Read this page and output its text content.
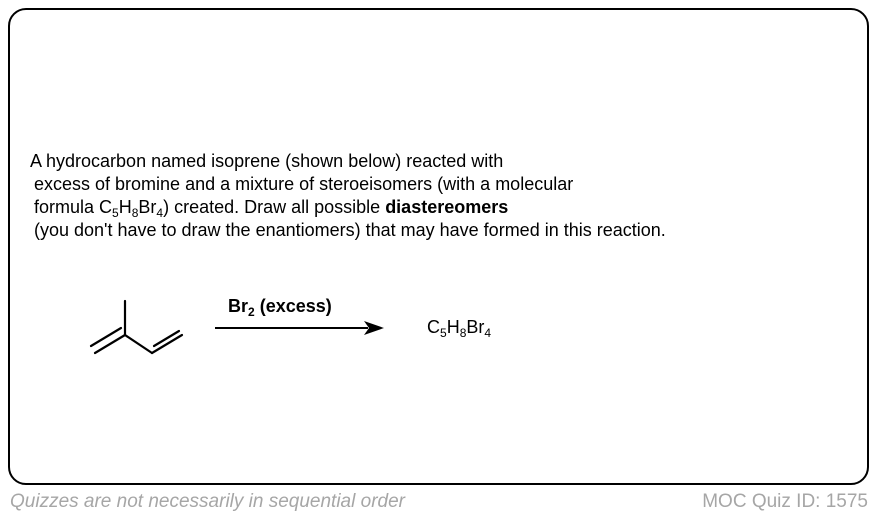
A hydrocarbon named isoprene (shown below) reacted with
excess of bromine and a mixture of steroeisomers (with a molecular
formula $C_5H_8Br_4$) created. Draw all possible diastereomers
(you don't have to draw the enantiomers) that may have formed in this reaction.
$Br_2$ (excess)
$C_5H_8Br_4$
Quizzes are not necessarily in sequential order	MOC Quiz ID: 1575
